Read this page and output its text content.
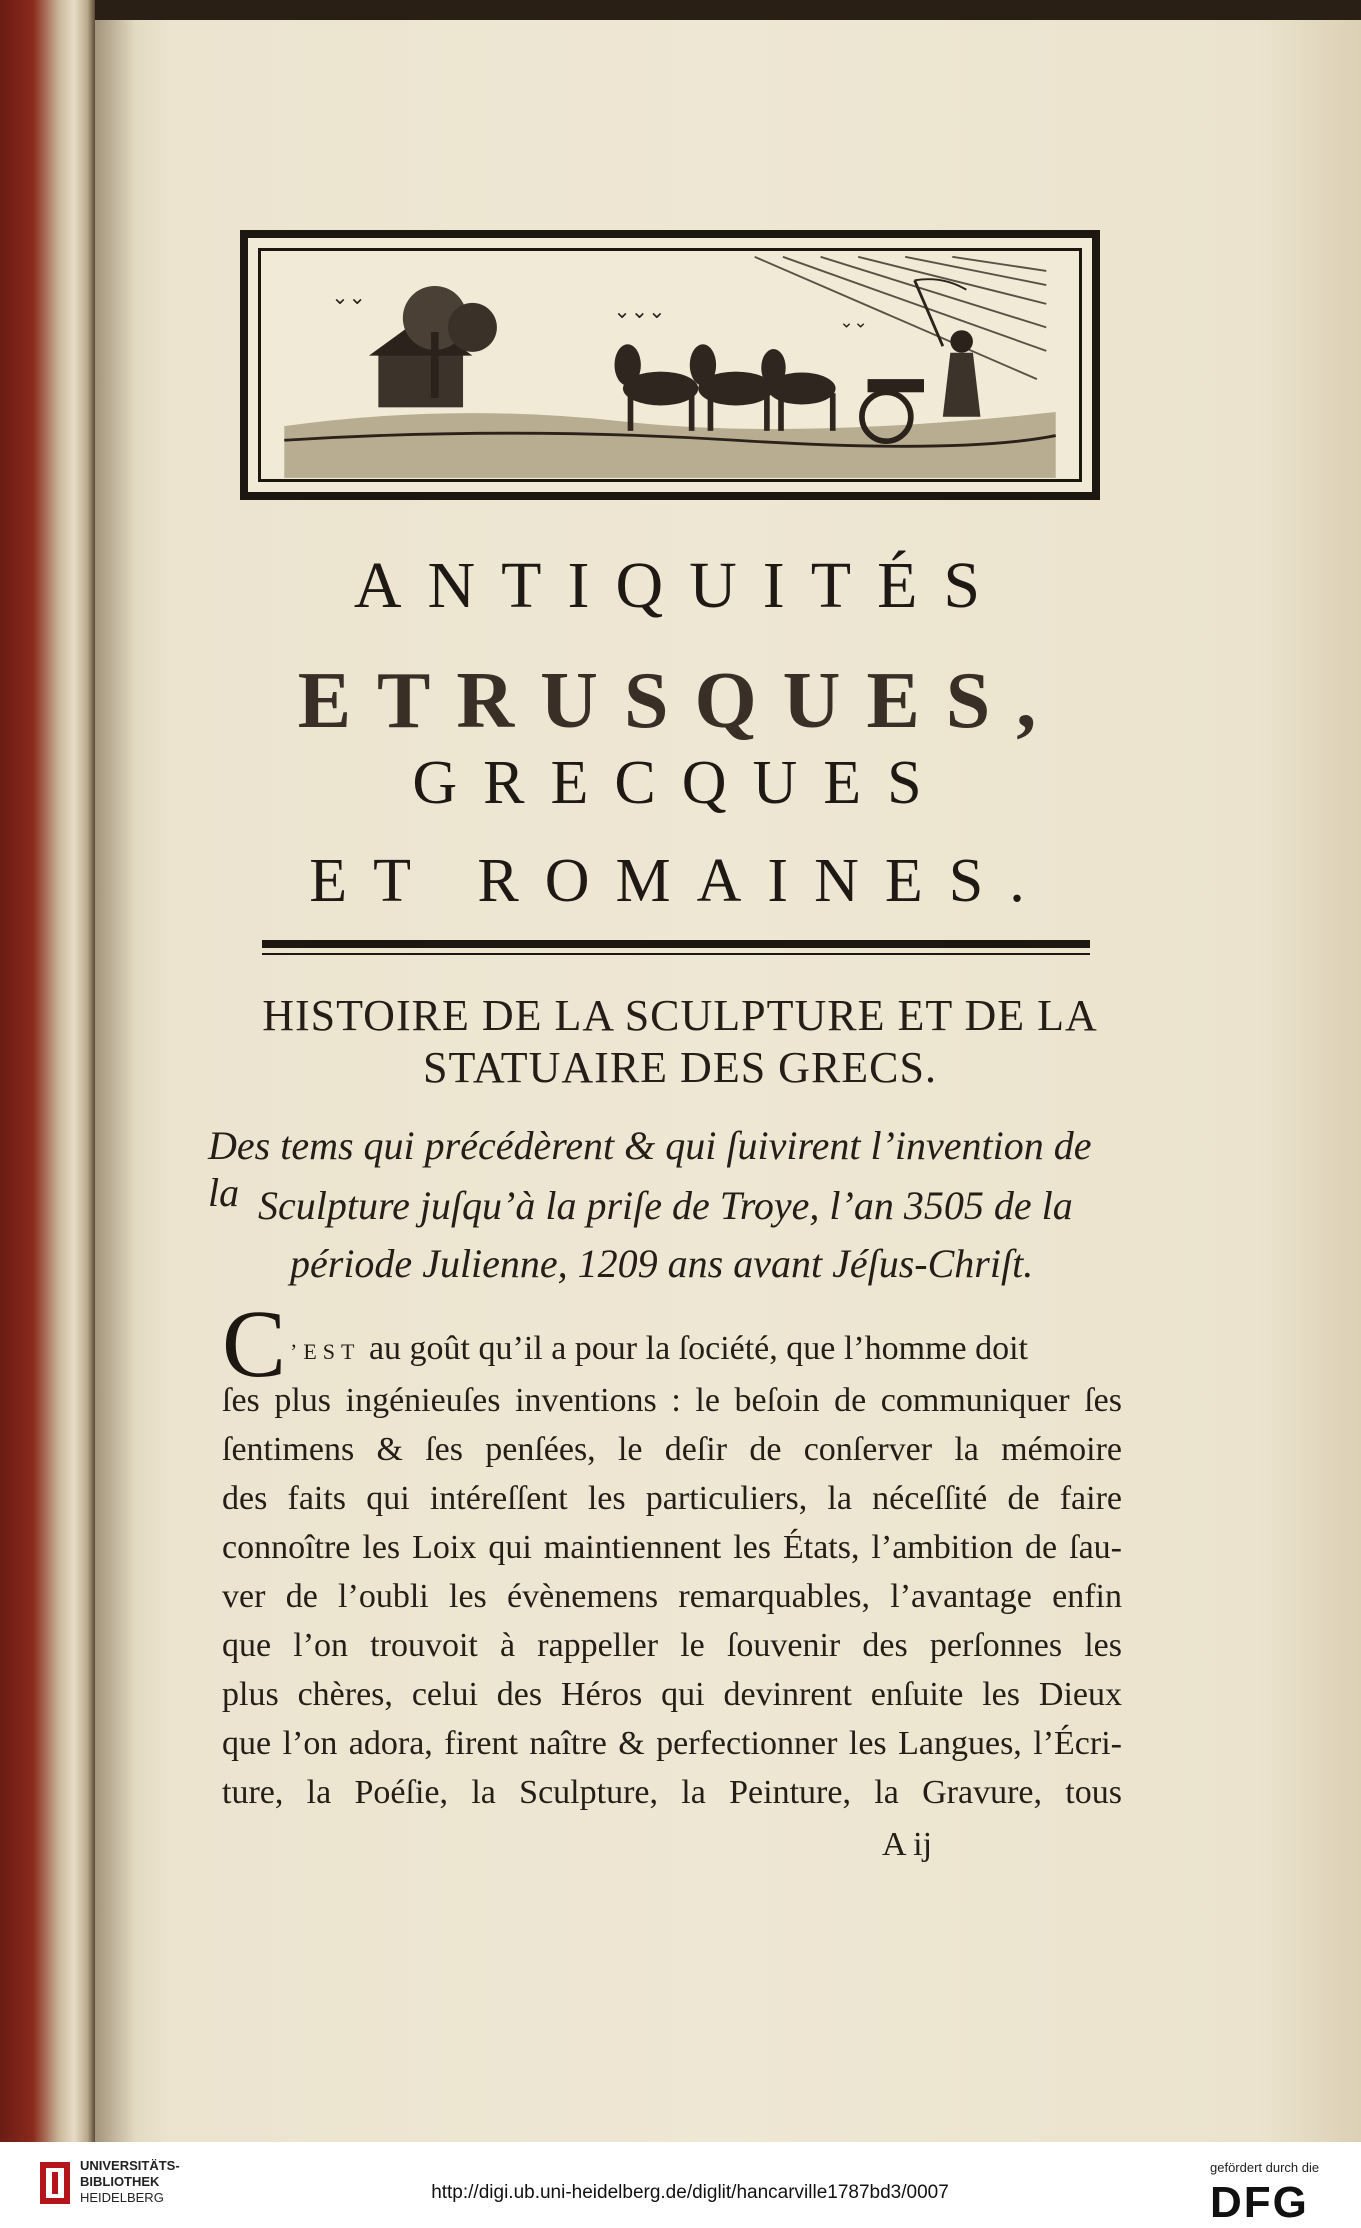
⌄⌄
⌄⌄⌄	⌄⌄
ANTIQUITÉS
ETRUSQUES,
GRECQUES
ET ROMAINES.
HISTOIRE DE LA SCULPTURE ET DE LA
STATUAIRE DES GRECS.
Des tems qui précédèrent & qui ſuivirent l’invention de la Sculpture juſqu’à la priſe de Troye, l’an 3505 de la
période Julienne, 1209 ans avant Jéſus-Chriſt.
C ’EST au goût qu’il a pour la ſociété, que l’homme doit
ſes plus ingénieuſes inventions : le beſoin de communiquer ſes
ſentimens & ſes penſées, le deſir de conſerver la mémoire
des faits qui intéreſſent les particuliers, la néceſſité de faire
connoître les Loix qui maintiennent les États, l’ambition de ſau-
ver de l’oubli les évènemens remarquables, l’avantage enfin
que l’on trouvoit à rappeller le ſouvenir des perſonnes les
plus chères, celui des Héros qui devinrent enſuite les Dieux
que l’on adora, firent naître & perfectionner les Langues, l’Écri-
ture, la Poéſie, la Sculpture, la Peinture, la Gravure, tous
A ij
UNIVERSITÄTS-
BIBLIOTHEK
HEIDELBERG	http://digi.ub.uni-heidelberg.de/diglit/hancarville1787bd3/0007
gefördert durch die
DFG
